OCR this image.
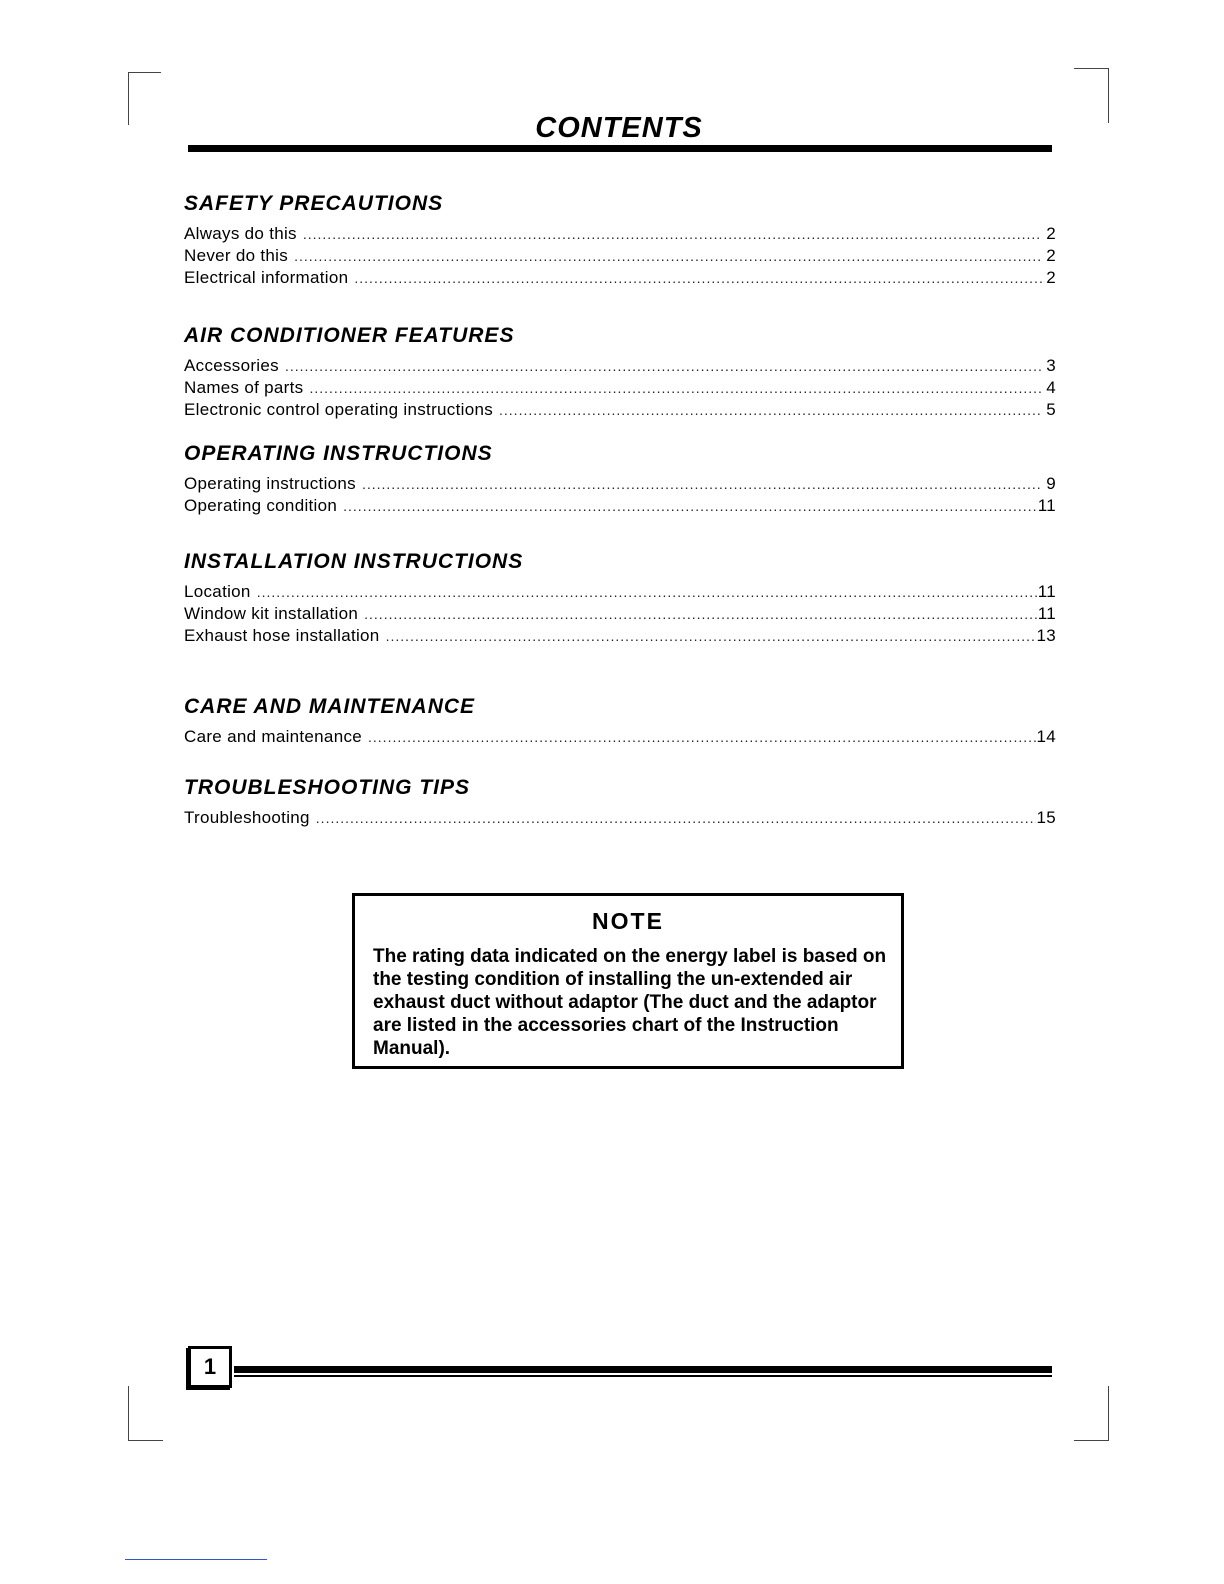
CONTENTS
SAFETY PRECAUTIONS
Always do this .....	2
Never do this .....	2
Electrical information .....	2
AIR CONDITIONER FEATURES
Accessories .....	3
Names of parts .....	4
Electronic control operating instructions .....	5
OPERATING INSTRUCTIONS
Operating instructions .....	9
Operating condition .....	11
INSTALLATION INSTRUCTIONS
Location .....	11
Window kit installation .....	11
Exhaust hose installation .....	13
CARE AND MAINTENANCE
Care and maintenance .....	14
TROUBLESHOOTING TIPS
Troubleshooting .....	15
NOTE

The rating data indicated on the energy label is based on the testing condition of installing the un-extended air exhaust duct without adaptor (The duct and the adaptor are listed in the accessories chart of the Instruction Manual).

1
